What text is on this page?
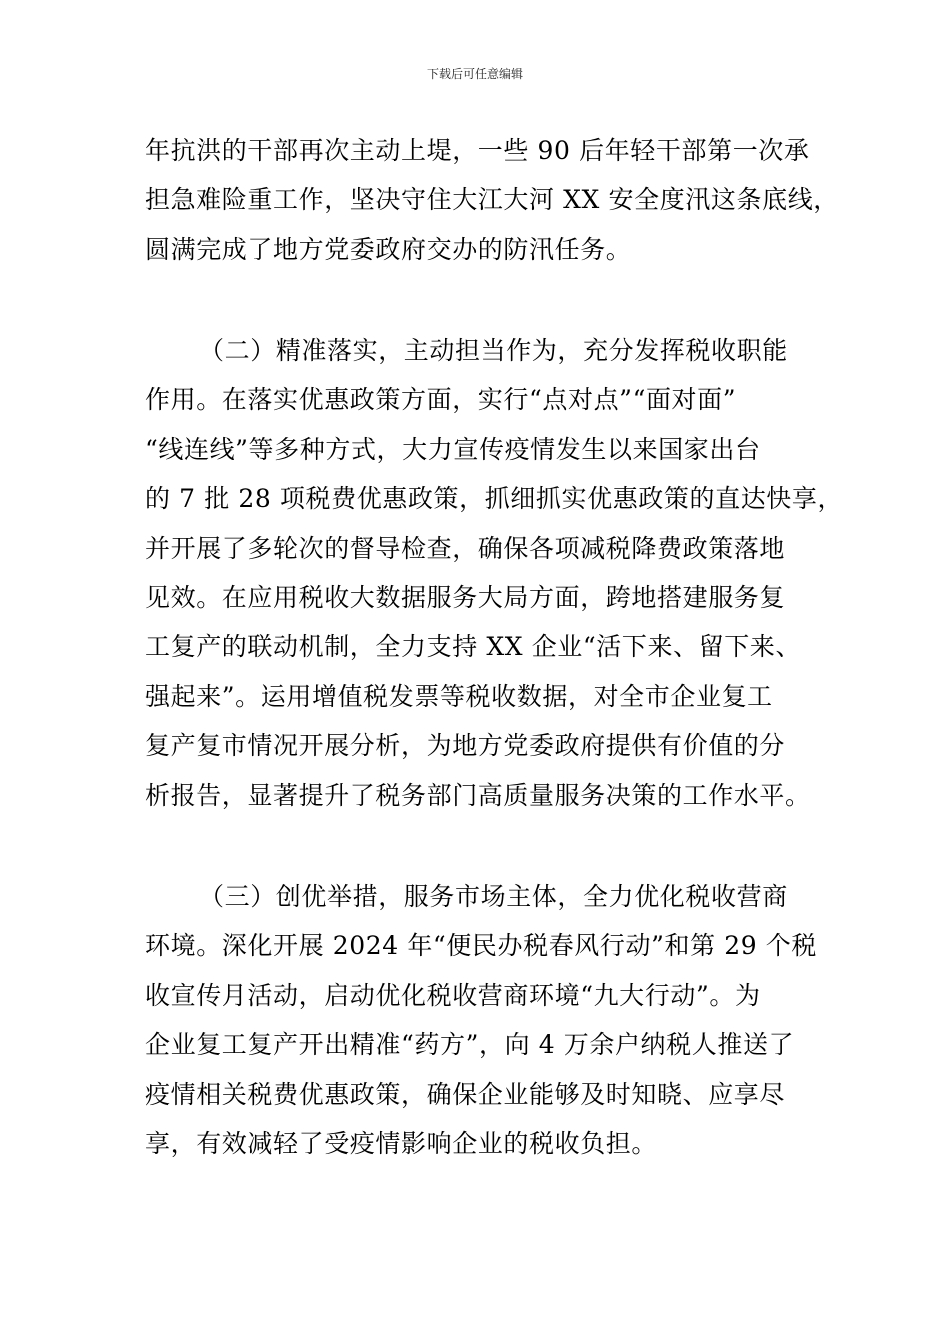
下载后可任意编辑

年抗洪的干部再次主动上堤，一些 90 后年轻干部第一次承
担急难险重工作，坚决守住大江大河 XX 安全度汛这条底线，
圆满完成了地方党委政府交办的防汛任务。

（二）精准落实，主动担当作为，充分发挥税收职能
作用。在落实优惠政策方面，实行“点对点”“面对面”
“线连线”等多种方式，大力宣传疫情发生以来国家出台
的 7 批 28 项税费优惠政策，抓细抓实优惠政策的直达快享，
并开展了多轮次的督导检查，确保各项减税降费政策落地
见效。在应用税收大数据服务大局方面，跨地搭建服务复
工复产的联动机制，全力支持 XX 企业“活下来、留下来、
强起来”。运用增值税发票等税收数据，对全市企业复工
复产复市情况开展分析，为地方党委政府提供有价值的分
析报告，显著提升了税务部门高质量服务决策的工作水平。

（三）创优举措，服务市场主体，全力优化税收营商
环境。深化开展 2024 年“便民办税春风行动”和第 29 个税
收宣传月活动，启动优化税收营商环境“九大行动”。为
企业复工复产开出精准“药方”，向 4 万余户纳税人推送了
疫情相关税费优惠政策，确保企业能够及时知晓、应享尽
享，有效减轻了受疫情影响企业的税收负担。
